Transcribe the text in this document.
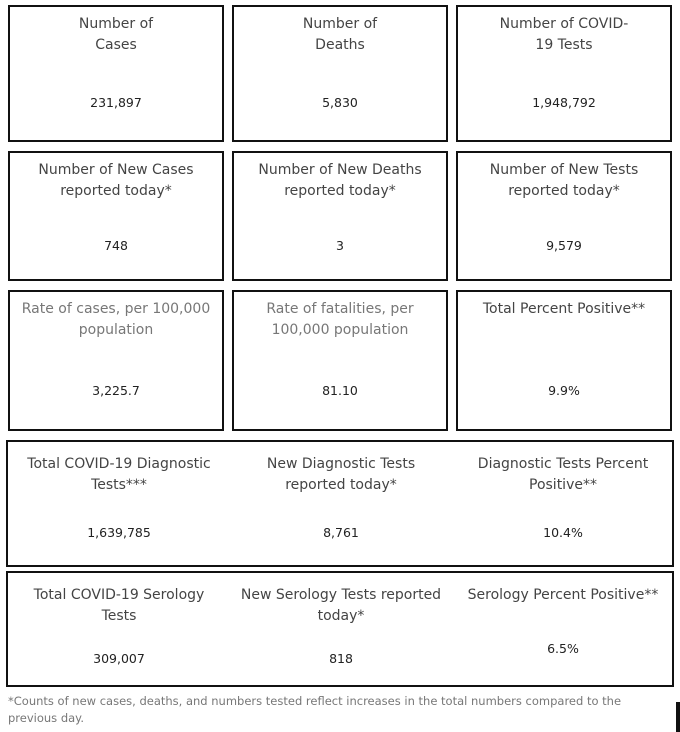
Number of Cases
231,897
Number of Deaths
5,830
Number of COVID-19 Tests
1,948,792
Number of New Cases reported today*
748
Number of New Deaths reported today*
3
Number of New Tests reported today*
9,579
Rate of cases, per 100,000 population
3,225.7
Rate of fatalities, per 100,000 population
81.10
Total Percent Positive**
9.9%
Total COVID-19 Diagnostic Tests***
1,639,785
New Diagnostic Tests reported today*
8,761
Diagnostic Tests Percent Positive**
10.4%
Total COVID-19 Serology Tests
309,007
New Serology Tests reported today*
818
Serology Percent Positive**
6.5%
*Counts of new cases, deaths, and numbers tested reflect increases in the total numbers compared to the previous day.
